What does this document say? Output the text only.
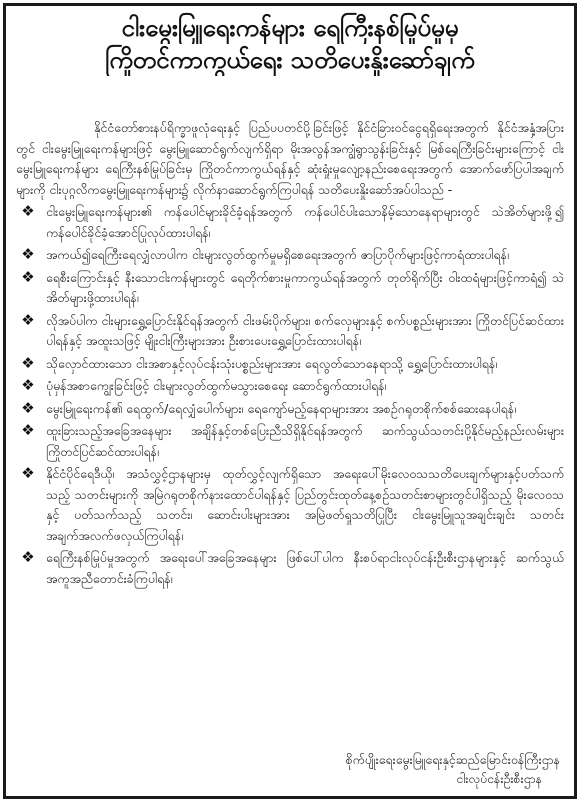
ငါးမွေးမြူရေးကန်များ ရေကြီးနစ်မြုပ်မှုမှ
ကြိုတင်ကာကွယ်ရေး သတိပေးနှိုးဆော်ချက်

နိုင်ငံတော်စားနပ်ရိက္ခာဖူလုံရေးနှင့် ပြည်ပပတင်ပို့ခြင်းဖြင့် နိုင်ငံခြားဝင်ငွေရရှိရေးအတွက် နိုင်ငံအနှံ့အပြားတွင် ငါးမွေးမြူရေးကန်များဖြင့် မွေးမြူဆောင်ရွက်လျက်ရှိရာ မိုးအလွန်အကျွံရွာသွန်းခြင်းနှင့် မြစ်ရေကြီးခြင်းများကြောင့် ငါးမွေးမြူရေးကန်များ ရေကြီးနစ်မြုပ်ခြင်းမှ ကြိုတင်ကာကွယ်ရန်နှင့် ဆုံးရှုံးမှုလျော့နည်းစေရေးအတွက် အောက်ဖော်ပြပါအချက်များကို ငါးပုဂ္ဂလိကမွေးမြူရေးကန်များ၌ လိုက်နာဆောင်ရွက်ကြပါရန် သတိပေးနှိုးဆော်အပ်ပါသည် -

❖ ငါးမွေးမြူရေးကန်များ၏ ကန်ပေါင်များခိုင်ခံ့ရန်အတွက် ကန်ပေါင်ပါးသောနိမ့်သောနေရာများတွင် သဲအိတ်များဖို့၍ ကန်ပေါင်ခိုင်ခံ့အောင်ပြုလုပ်ထားပါရန်၊
❖ အကယ်၍ရေကြီးရေလျှံလာပါက ငါးများလွတ်ထွက်မှုမရှိစေရေးအတွက် ဇာပြာပိုက်များဖြင့်ကာရံထားပါရန်၊
❖ ရေစီးကြောင်းနှင့် နီးသောငါးကန်များတွင် ရေတိုက်စားမှုကာကွယ်ရန်အတွက် တုတ်ရိုက်ပြီး ဝါးထရံများဖြင့်ကာရံ၍ သဲအိတ်များဖို့ထားပါရန်၊
❖ လိုအပ်ပါက ငါးများရွှေ့ပြောင်းနိုင်ရန်အတွက် ငါးဖမ်းပိုက်များ၊ စက်လှေများနှင့် စက်ပစ္စည်းများအား ကြိုတင်ပြင်ဆင်ထားပါရန်နှင့် အထူးသဖြင့် မျိုးငါးကြီးများအား ဦးစားပေးရွှေ့ပြောင်းထားပါရန်၊
❖ သိုလှောင်ထားသော ငါးအစာနှင့်လုပ်ငန်းသုံးပစ္စည်းများအား ရေလွတ်သောနေရာသို့ ရွှေ့ပြောင်းထားပါရန်၊
❖ ပုံမှန်အစာကျွေးခြင်းဖြင့် ငါးများလွတ်ထွက်မသွားစေရေး ဆောင်ရွက်ထားပါရန်၊
❖ မွေးမြူရေးကန်၏ ရေထွက်/ရေလျှံပေါက်များ၊ ရေကျော်မည့်နေရာများအား အစဉ်ဂရုတစိုက်စစ်ဆေးနေပါရန်၊
❖ ထူးခြားသည့်အခြေအနေများ အချိန်နှင့်တစ်ပြေးညီသိရှိနိုင်ရန်အတွက် ဆက်သွယ်သတင်းပို့နိုင်မည့်နည်းလမ်းများ ကြိုတင်ပြင်ဆင်ထားပါရန်၊
❖ နိုင်ငံပိုင်ရေဒီယို၊ အသံလွှင့်ဌာနများမှ ထုတ်လွှင့်လျက်ရှိသော အရေးပေါ်မိုးလေဝသသတိပေးချက်များနှင့်ပတ်သက်သည့် သတင်းများကို အမြဲဂရုတစိုက်နားထောင်ပါရန်နှင့် ပြည်တွင်းထုတ်နေ့စဉ်သတင်းစာများတွင်ပါရှိသည့် မိုးလေဝသနှင့် ပတ်သက်သည့် သတင်း၊ ဆောင်းပါးများအား အမြဲဖတ်ရှုသတိပြုပြီး ငါးမွေးမြူသူအချင်းချင်း သတင်းအချက်အလက်ဖလှယ်ကြပါရန်၊
❖ ရေကြီးနစ်မြုပ်မှုအတွက် အရေးပေါ်အခြေအနေများ ဖြစ်ပေါ်ပါက နီးစပ်ရာငါးလုပ်ငန်းဦးစီးဌာနများနှင့် ဆက်သွယ်အကူအညီတောင်းခံကြပါရန်၊
စိုက်ပျိုးရေးမွေးမြူရေးနှင့်ဆည်မြောင်းဝန်ကြီးဌာန
ငါးလုပ်ငန်းဦးစီးဌာန
